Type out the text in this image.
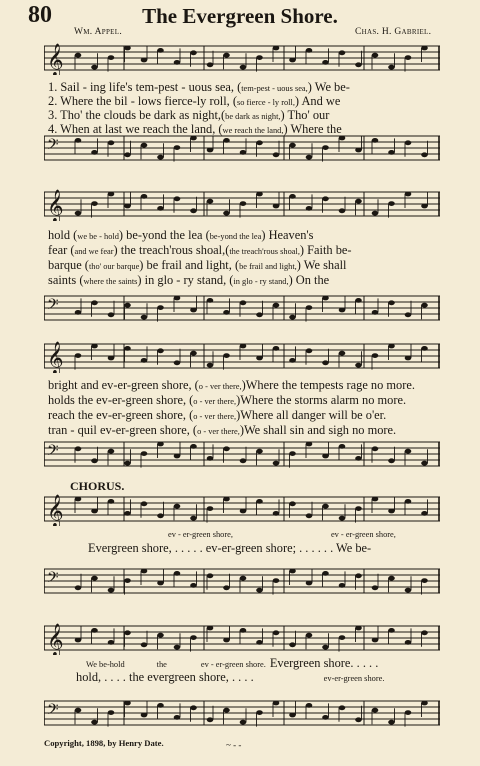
80	The Evergreen Shore.
Wm. Appel.	Chas. H. Gabriel.
𝄞
𝄢
𝄞
𝄢
𝄞
𝄢
𝄞
𝄢
𝄞
𝄢
1. Sail - ing life's tem-pest - uous sea, (tem-pest - uous sea,) We be-
2. Where the bil - lows fierce-ly roll, (so fierce - ly roll,) And we
3. Tho' the clouds be dark as night,(be dark as night,) Tho' our
4. When at last we reach the land, (we reach the land,) Where the
hold (we be - hold) be-yond the lea (be-yond the lea) Heaven's
fear (and we fear) the treach'rous shoal,(the treach'rous shoal,) Faith be-
barque (tho' our barque) be frail and light, (be frail and light,) We shall
saints (where the saints) in glo - ry stand, (in glo - ry stand,) On the
bright and ev-er-green shore, (o - ver there,)Where the tempests rage no more.
holds the ev-er-green shore, (o - ver there,)Where the storms alarm no more.
reach the ev-er-green shore, (o - ver there,)Where all danger will be o'er.
tran - quil ev-er-green shore, (o - ver there,)We shall sin and sigh no more.
CHORUS.
ev - er-green shore,	ev - er-green shore,
Evergreen shore, . . . . . ev-er-green shore; . . . . . . We be-
We be-hold	the	ev - er-green shore. Evergreen shore. . . . .
hold, . . . . the evergreen shore, . . . .	ev-er-green shore.
Copyright, 1898, by Henry Date.	~ - -
